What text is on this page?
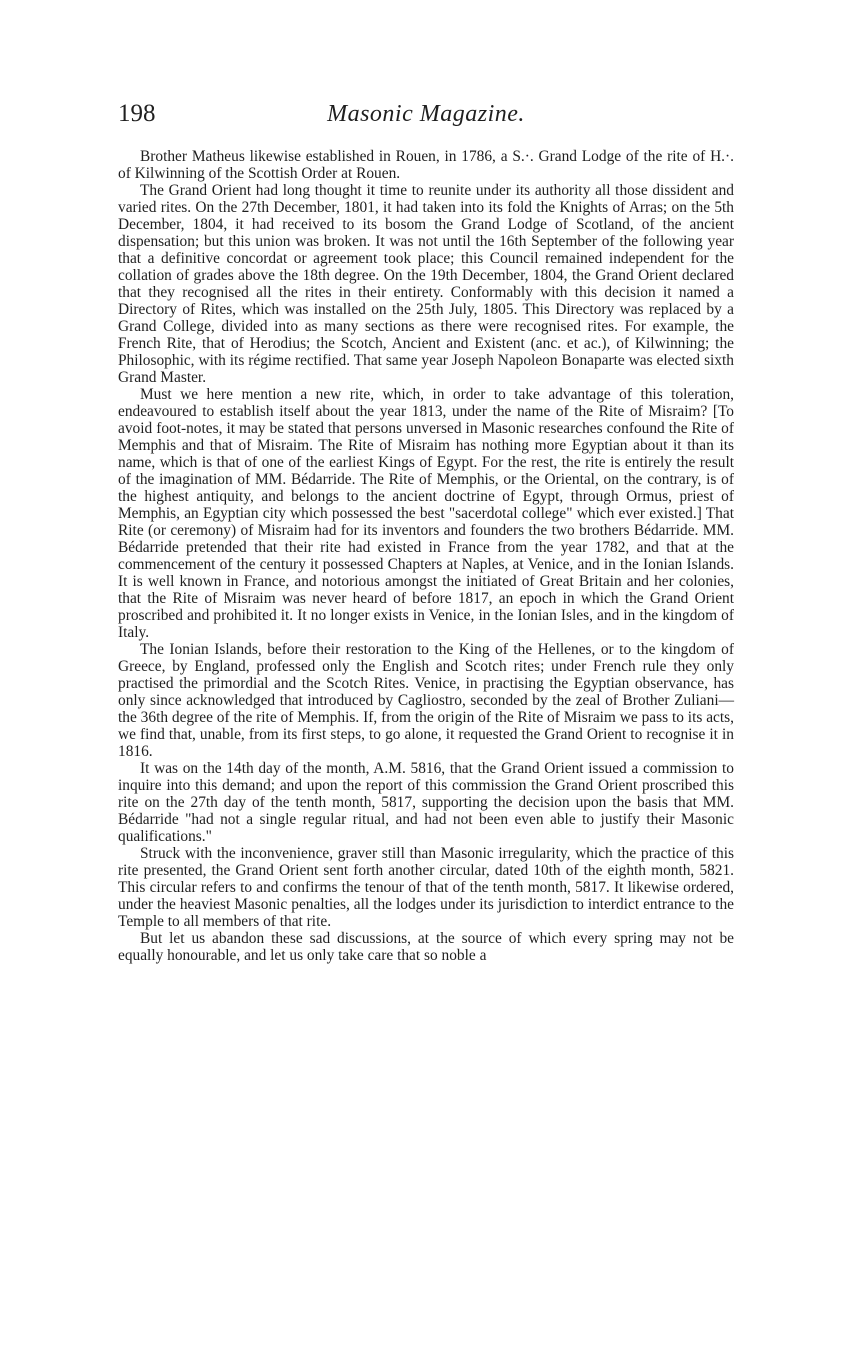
198	Masonic Magazine.

Brother Matheus likewise established in Rouen, in 1786, a S.·. Grand Lodge of the rite of H.·. of Kilwinning of the Scottish Order at Rouen.

The Grand Orient had long thought it time to reunite under its authority all those dissident and varied rites. On the 27th December, 1801, it had taken into its fold the Knights of Arras; on the 5th December, 1804, it had received to its bosom the Grand Lodge of Scotland, of the ancient dispensation; but this union was broken. It was not until the 16th September of the following year that a definitive concordat or agreement took place; this Council remained independent for the collation of grades above the 18th degree. On the 19th December, 1804, the Grand Orient declared that they recognised all the rites in their entirety. Conformably with this decision it named a Directory of Rites, which was installed on the 25th July, 1805. This Directory was replaced by a Grand College, divided into as many sections as there were recognised rites. For example, the French Rite, that of Herodius; the Scotch, Ancient and Existent (anc. et ac.), of Kilwinning; the Philosophic, with its régime rectified. That same year Joseph Napoleon Bonaparte was elected sixth Grand Master.

Must we here mention a new rite, which, in order to take advantage of this toleration, endeavoured to establish itself about the year 1813, under the name of the Rite of Misraim? [To avoid foot-notes, it may be stated that persons unversed in Masonic researches confound the Rite of Memphis and that of Misraim. The Rite of Misraim has nothing more Egyptian about it than its name, which is that of one of the earliest Kings of Egypt. For the rest, the rite is entirely the result of the imagination of MM. Bédarride. The Rite of Memphis, or the Oriental, on the contrary, is of the highest antiquity, and belongs to the ancient doctrine of Egypt, through Ormus, priest of Memphis, an Egyptian city which possessed the best "sacerdotal college" which ever existed.] That Rite (or ceremony) of Misraim had for its inventors and founders the two brothers Bédarride. MM. Bédarride pretended that their rite had existed in France from the year 1782, and that at the commencement of the century it possessed Chapters at Naples, at Venice, and in the Ionian Islands. It is well known in France, and notorious amongst the initiated of Great Britain and her colonies, that the Rite of Misraim was never heard of before 1817, an epoch in which the Grand Orient proscribed and prohibited it. It no longer exists in Venice, in the Ionian Isles, and in the kingdom of Italy.

The Ionian Islands, before their restoration to the King of the Hellenes, or to the kingdom of Greece, by England, professed only the English and Scotch rites; under French rule they only practised the primordial and the Scotch Rites. Venice, in practising the Egyptian observance, has only since acknowledged that introduced by Cagliostro, seconded by the zeal of Brother Zuliani—the 36th degree of the rite of Memphis. If, from the origin of the Rite of Misraim we pass to its acts, we find that, unable, from its first steps, to go alone, it requested the Grand Orient to recognise it in 1816.

It was on the 14th day of the month, A.M. 5816, that the Grand Orient issued a commission to inquire into this demand; and upon the report of this commission the Grand Orient proscribed this rite on the 27th day of the tenth month, 5817, supporting the decision upon the basis that MM. Bédarride "had not a single regular ritual, and had not been even able to justify their Masonic qualifications."

Struck with the inconvenience, graver still than Masonic irregularity, which the practice of this rite presented, the Grand Orient sent forth another circular, dated 10th of the eighth month, 5821. This circular refers to and confirms the tenour of that of the tenth month, 5817. It likewise ordered, under the heaviest Masonic penalties, all the lodges under its jurisdiction to interdict entrance to the Temple to all members of that rite.

But let us abandon these sad discussions, at the source of which every spring may not be equally honourable, and let us only take care that so noble a
